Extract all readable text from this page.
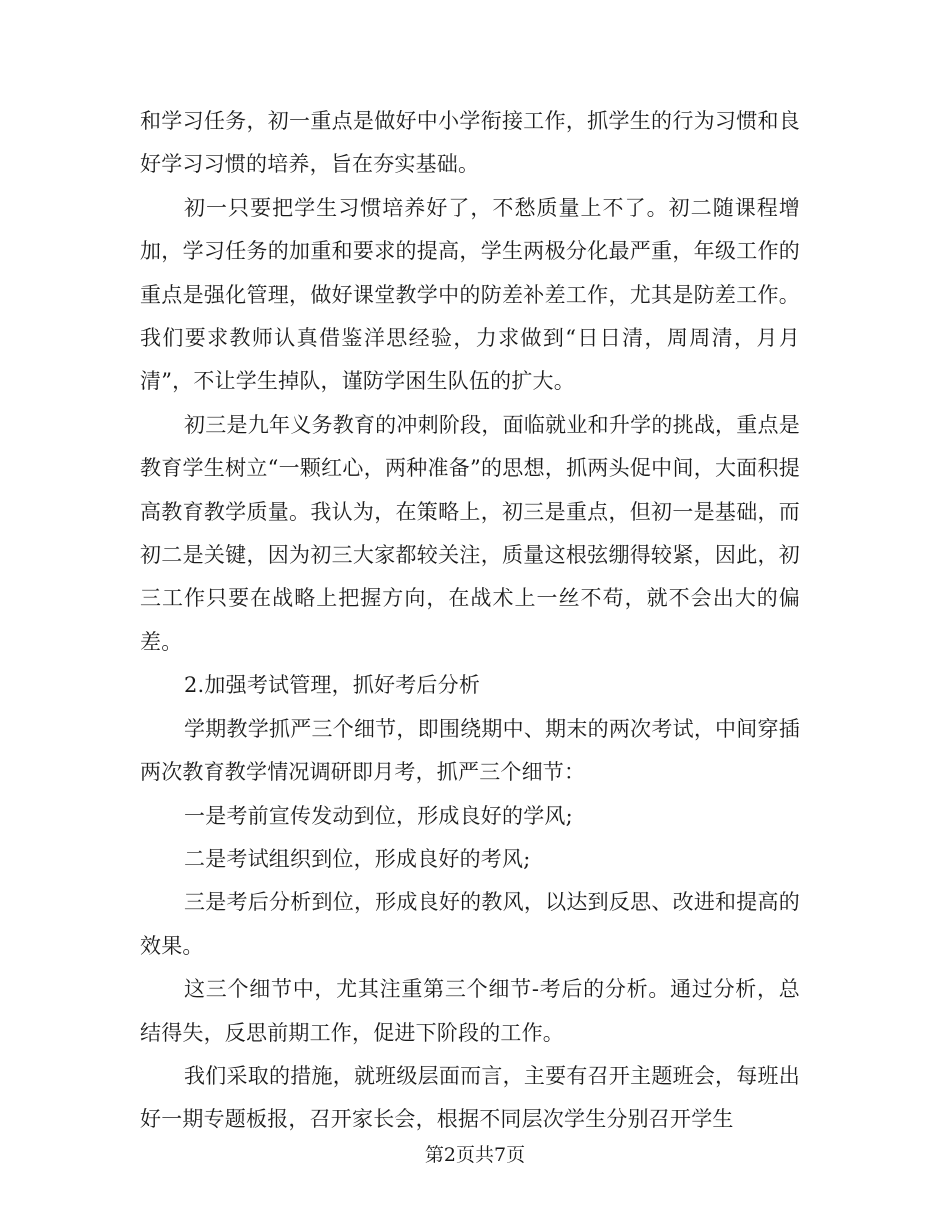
和学习任务，初一重点是做好中小学衔接工作，抓学生的行为习惯和良好学习习惯的培养，旨在夯实基础。

初一只要把学生习惯培养好了，不愁质量上不了。初二随课程增加，学习任务的加重和要求的提高，学生两极分化最严重，年级工作的重点是强化管理，做好课堂教学中的防差补差工作，尤其是防差工作。我们要求教师认真借鉴洋思经验，力求做到“日日清，周周清，月月清”，不让学生掉队，谨防学困生队伍的扩大。

初三是九年义务教育的冲刺阶段，面临就业和升学的挑战，重点是教育学生树立“一颗红心，两种准备”的思想，抓两头促中间，大面积提高教育教学质量。我认为，在策略上，初三是重点，但初一是基础，而初二是关键，因为初三大家都较关注，质量这根弦绷得较紧，因此，初三工作只要在战略上把握方向，在战术上一丝不苟，就不会出大的偏差。

2.加强考试管理，抓好考后分析

学期教学抓严三个细节，即围绕期中、期末的两次考试，中间穿插两次教育教学情况调研即月考，抓严三个细节：

一是考前宣传发动到位，形成良好的学风;

二是考试组织到位，形成良好的考风;

三是考后分析到位，形成良好的教风，以达到反思、改进和提高的效果。

这三个细节中，尤其注重第三个细节-考后的分析。通过分析，总结得失，反思前期工作，促进下阶段的工作。

我们采取的措施，就班级层面而言，主要有召开主题班会，每班出好一期专题板报，召开家长会，根据不同层次学生分别召开学生

第2页共7页
